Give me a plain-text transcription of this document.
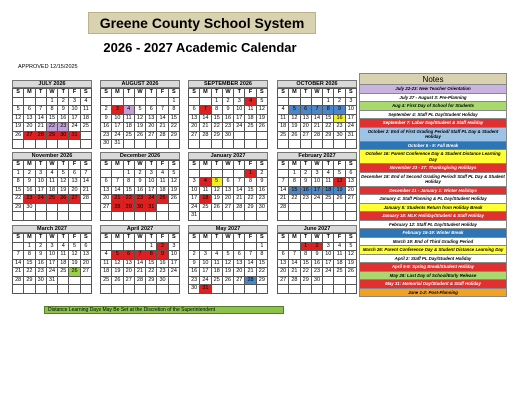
Greene County School System
2026 - 2027 Academic Calendar
APPROVED 12/15/2025
JULY 2026
S	M	T	W	T	F	S
			1	2	3	4
5	6	7	8	9	10	11
12	13	14	15	16	17	18
19	20	21	22	23	24	25
26	27	28	29	30	31	

AUGUST 2026
S	M	T	W	T	F	S
						1
2	3	4	5	6	7	8
9	10	11	12	13	14	15
16	17	18	19	20	21	22
23	24	25	26	27	28	29
30	31					
SEPTEMBER 2026
S	M	T	W	T	F	S
		1	2	3	4	5
6	7	8	9	10	11	12
13	14	15	16	17	18	19
20	21	22	23	24	25	26
27	28	29	30			

OCTOBER 2026
S	M	T	W	T	F	S
				1	2	3
4	5	6	7	8	9	10
11	12	13	14	15	16	17
18	19	20	21	22	23	24
25	26	27	28	29	30	31

November 2026
S	M	T	W	T	F	S
1	2	3	4	5	6	7
8	9	10	11	12	13	14
15	16	17	18	19	20	21
22	23	24	25	26	27	28
29	30					

December 2026
S	M	T	W	T	F	S
		1	2	3	4	5
6	7	8	9	10	11	12
13	14	15	16	17	18	19
20	21	22	23	24	25	26
27	28	29	30	31		

January 2027
S	M	T	W	T	F	S
					1	2
3	4	5	6	7	8	9
10	11	12	13	14	15	16
17	18	19	20	21	22	23
24	25	26	27	28	29	30
31						
February 2027
S	M	T	W	T	F	S
	1	2	3	4	5	6
7	8	9	10	11	12	13
14	15	16	17	18	19	20
21	22	23	24	25	26	27
28						

March 2027
S	M	T	W	T	F	S
	1	2	3	4	5	6
7	8	9	10	11	12	13
14	15	16	17	18	19	20
21	22	23	24	25	26	27
28	29	30	31			

April 2027
S	M	T	W	T	F	S
				1	2	3
4	5	6	7	8	9	10
11	12	13	14	15	16	17
18	19	20	21	22	23	24
25	26	27	28	29	30	

May 2027
S	M	T	W	T	F	S
						1
2	3	4	5	6	7	8
9	10	11	12	13	14	15
16	17	18	19	20	21	22
23	24	25	26	27	28	29
30	31					
June 2027
S	M	T	W	T	F	S
		1	2	3	4	5
6	7	8	9	10	11	12
13	14	15	16	17	18	19
20	21	22	23	24	25	26
27	28	29	30			

Notes
July 22-23: New Teacher Orientation
July 27 - August 3: Pre-Planning
Aug 4: First Day of School for Students
September 4: Staff PL Day/Student Holiday
September 7: Labor Day/Student & Staff Holiday
October 2: End of First Grading Period/ Staff PL Day & Student Holiday
October 5 - 9: Fall Break
October 16: Parent Conference Day & Student Distance Learning Day
November 23 - 27: Thanksgiving Holidays
December 18: End of Second Grading Period/ Staff PL Day & Student Holiday
December 21 - January 1: Winter Holidays
January 4: Staff Planning & PL Day/Student Holiday
January 5: Students Return from Holiday Break
January 18: MLK Holiday/Student & Staff Holiday
February 12: Staff PL Day/Student Holiday
February 15-19: Winter Break
March 19: End of Third Grading Period
March 26: Parent Conference Day & Student Distance Learning Day
April 2: Staff PL Day/Student Holiday
April 5-9: Spring Break/Student Holiday
May 28: Last Day of School/Early Release
May 31: Memorial Day/Student & Staff Holiday
June 1-2: Post-Planning
Distance Learning Days May Be Set at the Discretion of the Superintendent
